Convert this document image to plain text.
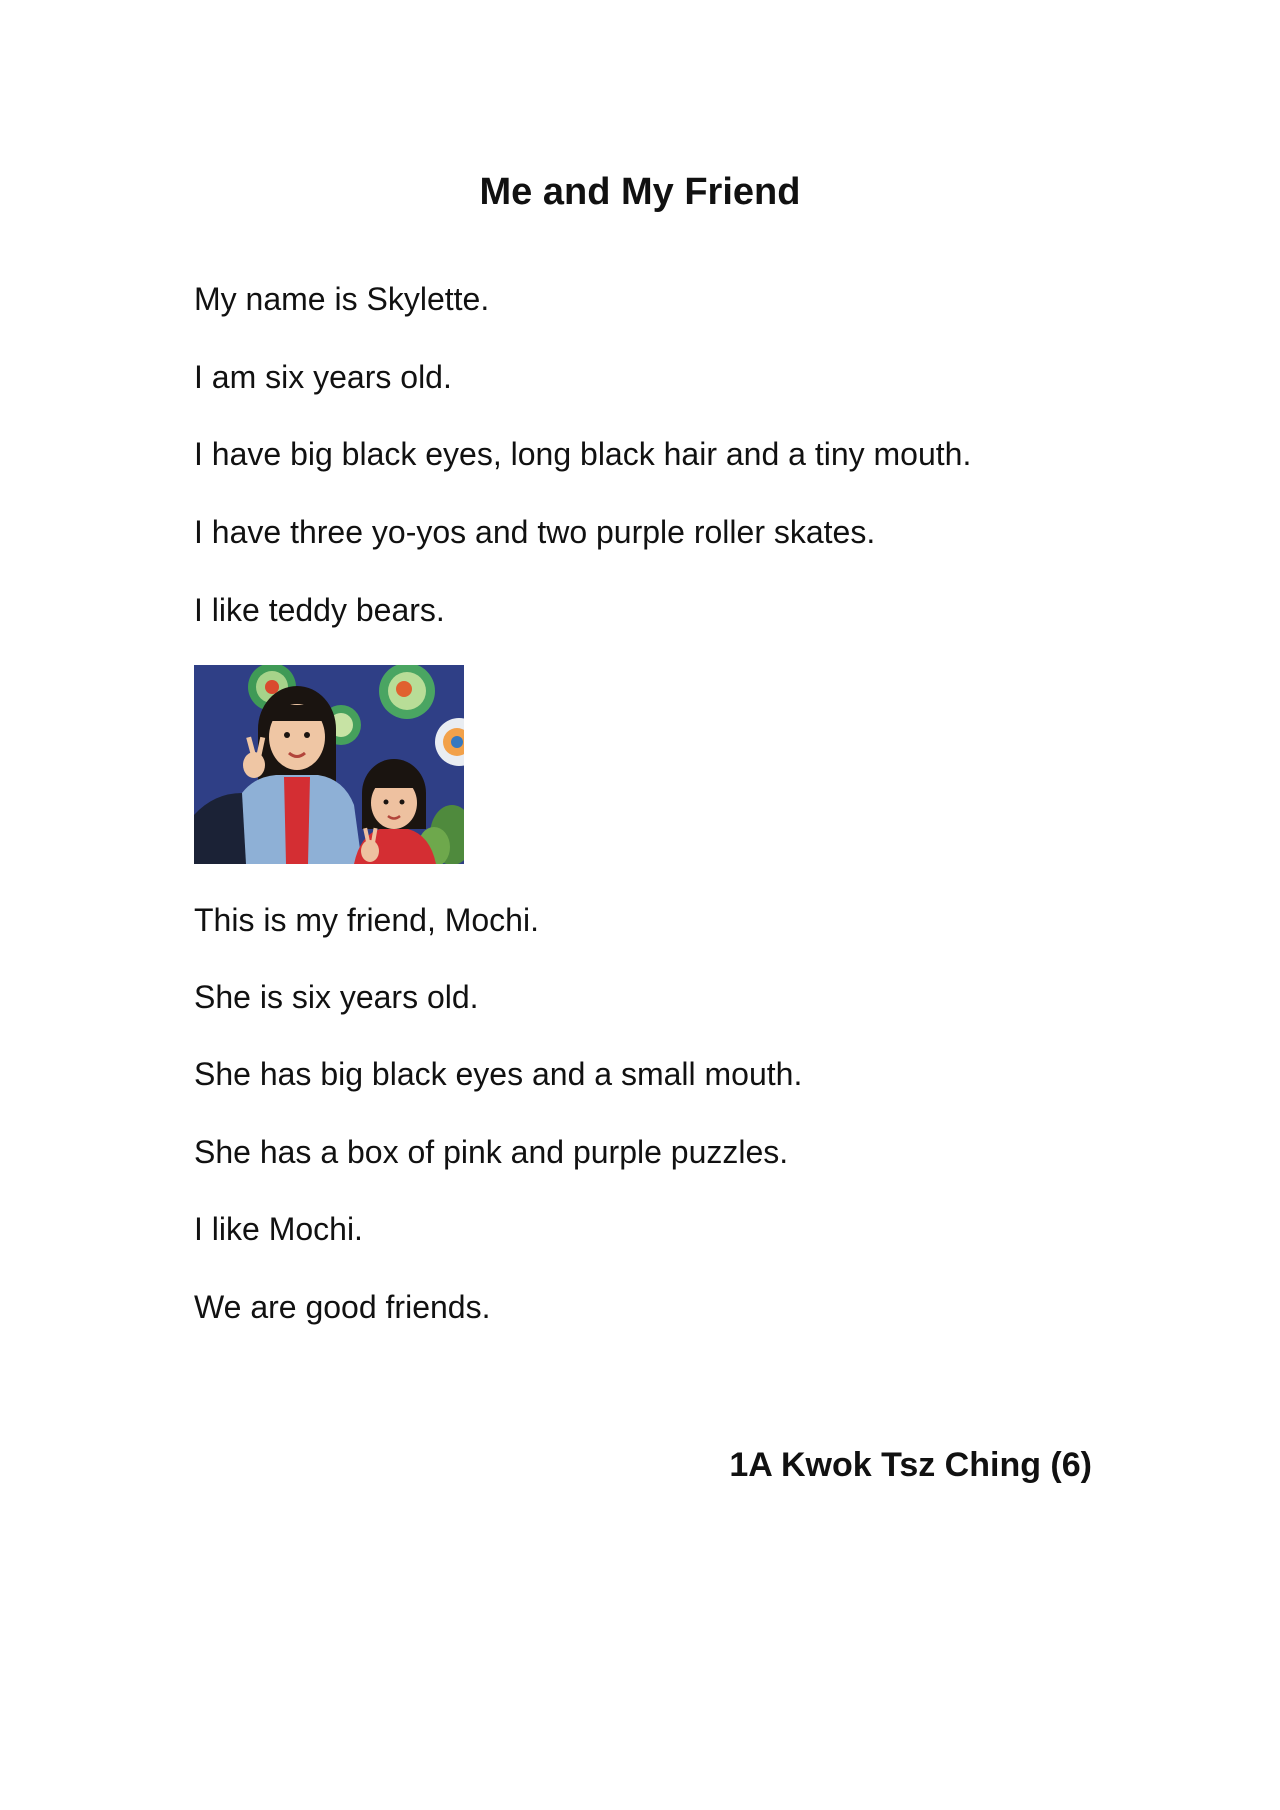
Me and My Friend

My name is Skylette.

I am six years old.

I have big black eyes, long black hair and a tiny mouth.

I have three yo-yos and two purple roller skates.

I like teddy bears.

This is my friend, Mochi.

She is six years old.

She has big black eyes and a small mouth.

She has a box of pink and purple puzzles.

I like Mochi.

We are good friends.

1A Kwok Tsz Ching (6)
